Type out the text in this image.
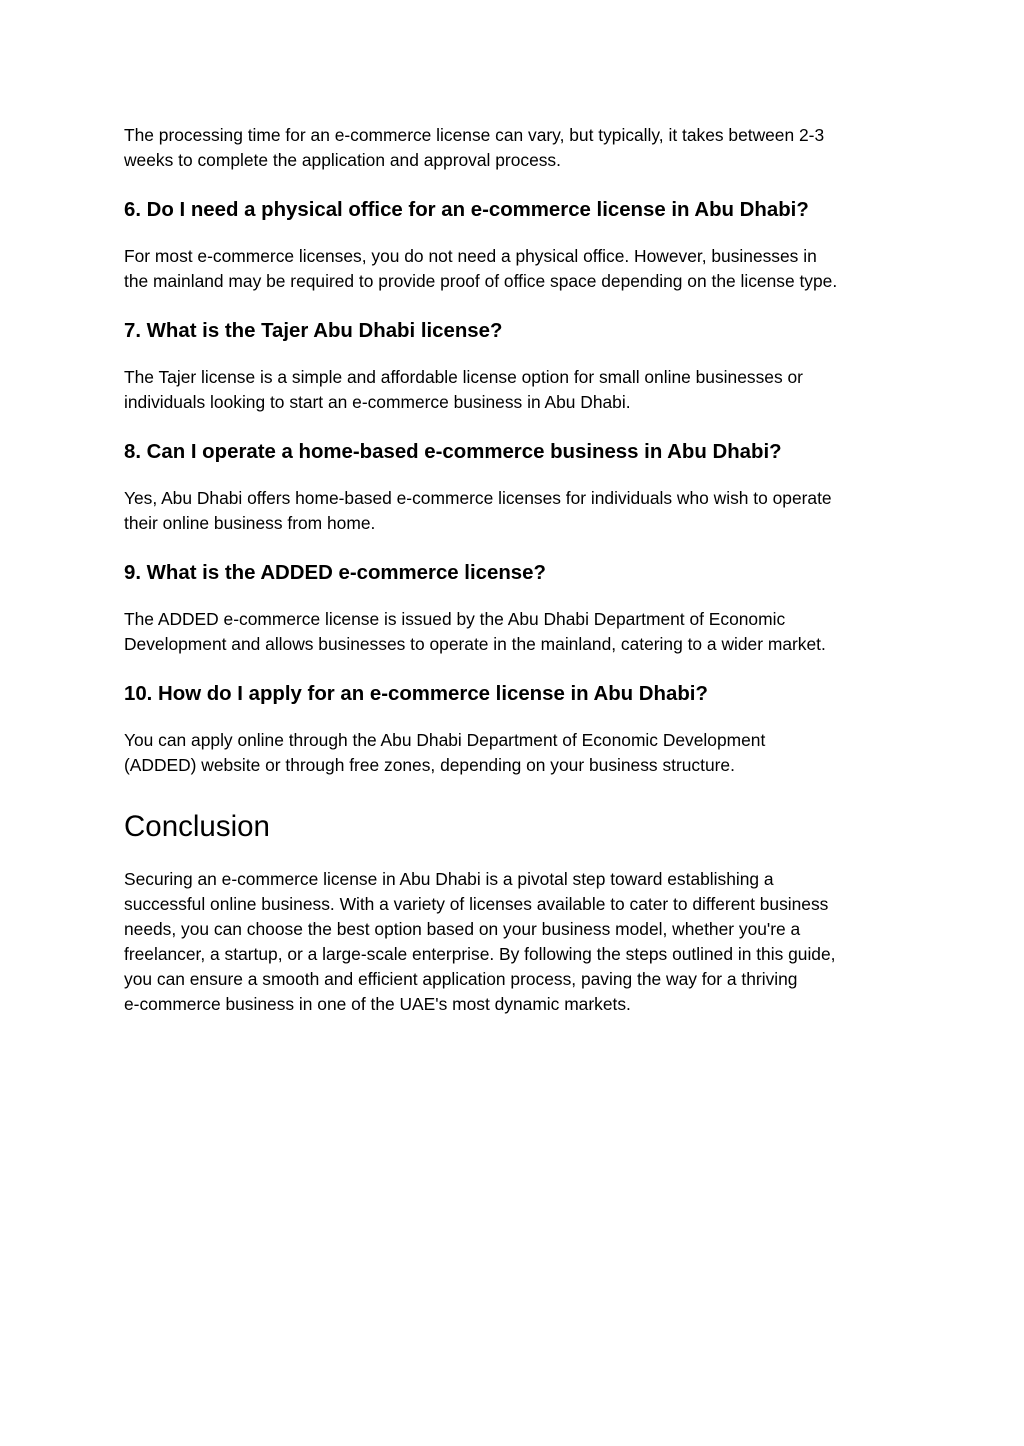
The processing time for an e-commerce license can vary, but typically, it takes between 2-3
weeks to complete the application and approval process.

6. Do I need a physical office for an e-commerce license in Abu Dhabi?

For most e-commerce licenses, you do not need a physical office. However, businesses in
the mainland may be required to provide proof of office space depending on the license type.

7. What is the Tajer Abu Dhabi license?

The Tajer license is a simple and affordable license option for small online businesses or
individuals looking to start an e-commerce business in Abu Dhabi.

8. Can I operate a home-based e-commerce business in Abu Dhabi?

Yes, Abu Dhabi offers home-based e-commerce licenses for individuals who wish to operate
their online business from home.

9. What is the ADDED e-commerce license?

The ADDED e-commerce license is issued by the Abu Dhabi Department of Economic
Development and allows businesses to operate in the mainland, catering to a wider market.

10. How do I apply for an e-commerce license in Abu Dhabi?

You can apply online through the Abu Dhabi Department of Economic Development
(ADDED) website or through free zones, depending on your business structure.

Conclusion

Securing an e-commerce license in Abu Dhabi is a pivotal step toward establishing a
successful online business. With a variety of licenses available to cater to different business
needs, you can choose the best option based on your business model, whether you're a
freelancer, a startup, or a large-scale enterprise. By following the steps outlined in this guide,
you can ensure a smooth and efficient application process, paving the way for a thriving
e-commerce business in one of the UAE's most dynamic markets.
